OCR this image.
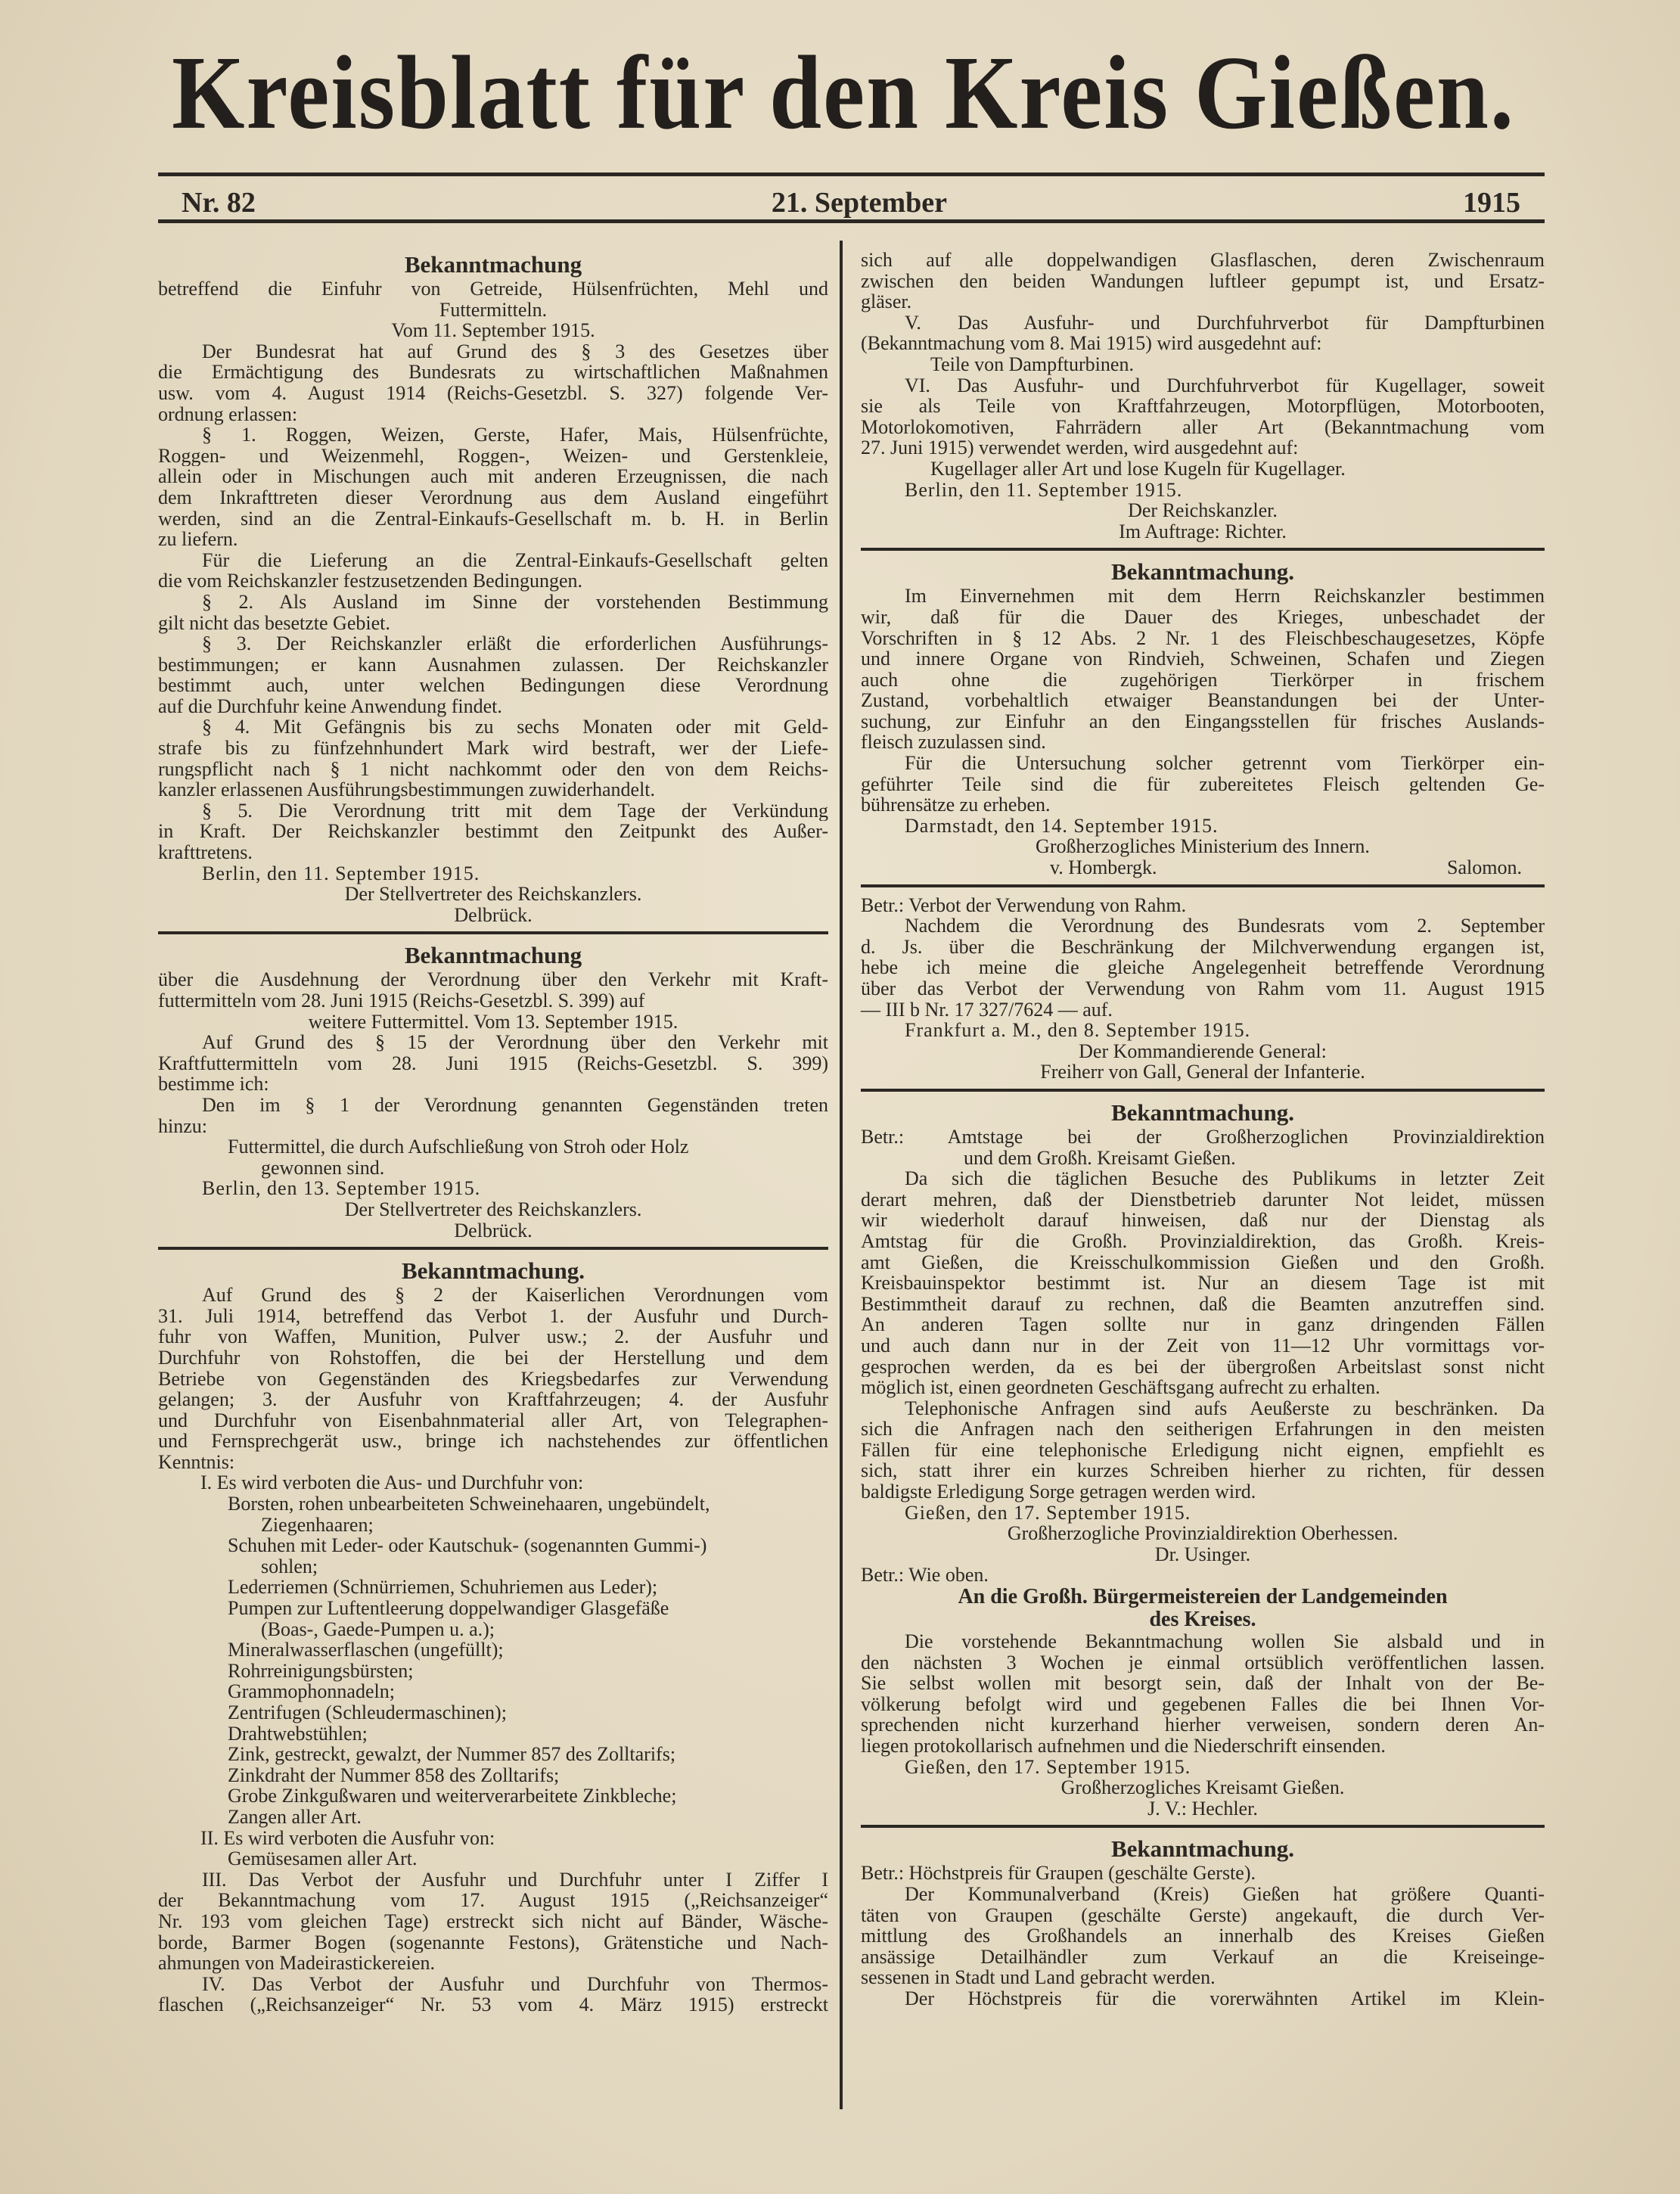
Kreisblatt für den Kreis Gießen.
Nr. 82	21. September	1915
Bekanntmachung
betreffend die Einfuhr von Getreide, Hülsenfrüchten, Mehl und
Futtermitteln.
Vom 11. September 1915.
Der Bundesrat hat auf Grund des § 3 des Gesetzes über
die Ermächtigung des Bundesrats zu wirtschaftlichen Maßnahmen
usw. vom 4. August 1914 (Reichs-Gesetzbl. S. 327) folgende Ver-
ordnung erlassen:
§ 1. Roggen, Weizen, Gerste, Hafer, Mais, Hülsenfrüchte,
Roggen- und Weizenmehl, Roggen-, Weizen- und Gerstenkleie,
allein oder in Mischungen auch mit anderen Erzeugnissen, die nach
dem Inkrafttreten dieser Verordnung aus dem Ausland eingeführt
werden, sind an die Zentral-Einkaufs-Gesellschaft m. b. H. in Berlin
zu liefern.
Für die Lieferung an die Zentral-Einkaufs-Gesellschaft gelten
die vom Reichskanzler festzusetzenden Bedingungen.
§ 2. Als Ausland im Sinne der vorstehenden Bestimmung
gilt nicht das besetzte Gebiet.
§ 3. Der Reichskanzler erläßt die erforderlichen Ausführungs-
bestimmungen; er kann Ausnahmen zulassen. Der Reichskanzler
bestimmt auch, unter welchen Bedingungen diese Verordnung
auf die Durchfuhr keine Anwendung findet.
§ 4. Mit Gefängnis bis zu sechs Monaten oder mit Geld-
strafe bis zu fünfzehnhundert Mark wird bestraft, wer der Liefe-
rungspflicht nach § 1 nicht nachkommt oder den von dem Reichs-
kanzler erlassenen Ausführungsbestimmungen zuwiderhandelt.
§ 5. Die Verordnung tritt mit dem Tage der Verkündung
in Kraft. Der Reichskanzler bestimmt den Zeitpunkt des Außer-
krafttretens.
Berlin, den 11. September 1915.
Der Stellvertreter des Reichskanzlers.
Delbrück.
Bekanntmachung
über die Ausdehnung der Verordnung über den Verkehr mit Kraft-
futtermitteln vom 28. Juni 1915 (Reichs-Gesetzbl. S. 399) auf
weitere Futtermittel. Vom 13. September 1915.
Auf Grund des § 15 der Verordnung über den Verkehr mit
Kraftfuttermitteln vom 28. Juni 1915 (Reichs-Gesetzbl. S. 399)
bestimme ich:
Den im § 1 der Verordnung genannten Gegenständen treten
hinzu:
Futtermittel, die durch Aufschließung von Stroh oder Holz
gewonnen sind.
Berlin, den 13. September 1915.
Der Stellvertreter des Reichskanzlers.
Delbrück.
Bekanntmachung.
Auf Grund des § 2 der Kaiserlichen Verordnungen vom
31. Juli 1914, betreffend das Verbot 1. der Ausfuhr und Durch-
fuhr von Waffen, Munition, Pulver usw.; 2. der Ausfuhr und
Durchfuhr von Rohstoffen, die bei der Herstellung und dem
Betriebe von Gegenständen des Kriegsbedarfes zur Verwendung
gelangen; 3. der Ausfuhr von Kraftfahrzeugen; 4. der Ausfuhr
und Durchfuhr von Eisenbahnmaterial aller Art, von Telegraphen-
und Fernsprechgerät usw., bringe ich nachstehendes zur öffentlichen
Kenntnis:
I. Es wird verboten die Aus- und Durchfuhr von:
Borsten, rohen unbearbeiteten Schweinehaaren, ungebündelt,
Ziegenhaaren;
Schuhen mit Leder- oder Kautschuk- (sogenannten Gummi-)
sohlen;
Lederriemen (Schnürriemen, Schuhriemen aus Leder);
Pumpen zur Luftentleerung doppelwandiger Glasgefäße
(Boas-, Gaede-Pumpen u. a.);
Mineralwasserflaschen (ungefüllt);
Rohrreinigungsbürsten;
Grammophonnadeln;
Zentrifugen (Schleudermaschinen);
Drahtwebstühlen;
Zink, gestreckt, gewalzt, der Nummer 857 des Zolltarifs;
Zinkdraht der Nummer 858 des Zolltarifs;
Grobe Zinkgußwaren und weiterverarbeitete Zinkbleche;
Zangen aller Art.
II. Es wird verboten die Ausfuhr von:
Gemüsesamen aller Art.
III. Das Verbot der Ausfuhr und Durchfuhr unter I Ziffer I
der Bekanntmachung vom 17. August 1915 („Reichsanzeiger“
Nr. 193 vom gleichen Tage) erstreckt sich nicht auf Bänder, Wäsche-
borde, Barmer Bogen (sogenannte Festons), Grätenstiche und Nach-
ahmungen von Madeirastickereien.
IV. Das Verbot der Ausfuhr und Durchfuhr von Thermos-
flaschen („Reichsanzeiger“ Nr. 53 vom 4. März 1915) erstreckt
sich auf alle doppelwandigen Glasflaschen, deren Zwischenraum
zwischen den beiden Wandungen luftleer gepumpt ist, und Ersatz-
gläser.
V. Das Ausfuhr- und Durchfuhrverbot für Dampfturbinen
(Bekanntmachung vom 8. Mai 1915) wird ausgedehnt auf:
Teile von Dampfturbinen.
VI. Das Ausfuhr- und Durchfuhrverbot für Kugellager, soweit
sie als Teile von Kraftfahrzeugen, Motorpflügen, Motorbooten,
Motorlokomotiven, Fahrrädern aller Art (Bekanntmachung vom
27. Juni 1915) verwendet werden, wird ausgedehnt auf:
Kugellager aller Art und lose Kugeln für Kugellager.
Berlin, den 11. September 1915.
Der Reichskanzler.
Im Auftrage: Richter.
Bekanntmachung.
Im Einvernehmen mit dem Herrn Reichskanzler bestimmen
wir, daß für die Dauer des Krieges, unbeschadet der
Vorschriften in § 12 Abs. 2 Nr. 1 des Fleischbeschaugesetzes, Köpfe
und innere Organe von Rindvieh, Schweinen, Schafen und Ziegen
auch ohne die zugehörigen Tierkörper in frischem
Zustand, vorbehaltlich etwaiger Beanstandungen bei der Unter-
suchung, zur Einfuhr an den Eingangsstellen für frisches Auslands-
fleisch zuzulassen sind.
Für die Untersuchung solcher getrennt vom Tierkörper ein-
geführter Teile sind die für zubereitetes Fleisch geltenden Ge-
bührensätze zu erheben.
Darmstadt, den 14. September 1915.
Großherzogliches Ministerium des Innern.
v. Hombergk.	Salomon.
Betr.: Verbot der Verwendung von Rahm.
Nachdem die Verordnung des Bundesrats vom 2. September
d. Js. über die Beschränkung der Milchverwendung ergangen ist,
hebe ich meine die gleiche Angelegenheit betreffende Verordnung
über das Verbot der Verwendung von Rahm vom 11. August 1915
— III b Nr. 17 327/7624 — auf.
Frankfurt a. M., den 8. September 1915.
Der Kommandierende General:
Freiherr von Gall, General der Infanterie.
Bekanntmachung.
Betr.: Amtstage bei der Großherzoglichen Provinzialdirektion
und dem Großh. Kreisamt Gießen.
Da sich die täglichen Besuche des Publikums in letzter Zeit
derart mehren, daß der Dienstbetrieb darunter Not leidet, müssen
wir wiederholt darauf hinweisen, daß nur der Dienstag als
Amtstag für die Großh. Provinzialdirektion, das Großh. Kreis-
amt Gießen, die Kreisschulkommission Gießen und den Großh.
Kreisbauinspektor bestimmt ist. Nur an diesem Tage ist mit
Bestimmtheit darauf zu rechnen, daß die Beamten anzutreffen sind.
An anderen Tagen sollte nur in ganz dringenden Fällen
und auch dann nur in der Zeit von 11—12 Uhr vormittags vor-
gesprochen werden, da es bei der übergroßen Arbeitslast sonst nicht
möglich ist, einen geordneten Geschäftsgang aufrecht zu erhalten.
Telephonische Anfragen sind aufs Aeußerste zu beschränken. Da
sich die Anfragen nach den seitherigen Erfahrungen in den meisten
Fällen für eine telephonische Erledigung nicht eignen, empfiehlt es
sich, statt ihrer ein kurzes Schreiben hierher zu richten, für dessen
baldigste Erledigung Sorge getragen werden wird.
Gießen, den 17. September 1915.
Großherzogliche Provinzialdirektion Oberhessen.
Dr. Usinger.
Betr.: Wie oben.
An die Großh. Bürgermeistereien der Landgemeinden
des Kreises.
Die vorstehende Bekanntmachung wollen Sie alsbald und in
den nächsten 3 Wochen je einmal ortsüblich veröffentlichen lassen.
Sie selbst wollen mit besorgt sein, daß der Inhalt von der Be-
völkerung befolgt wird und gegebenen Falles die bei Ihnen Vor-
sprechenden nicht kurzerhand hierher verweisen, sondern deren An-
liegen protokollarisch aufnehmen und die Niederschrift einsenden.
Gießen, den 17. September 1915.
Großherzogliches Kreisamt Gießen.
J. V.: Hechler.
Bekanntmachung.
Betr.: Höchstpreis für Graupen (geschälte Gerste).
Der Kommunalverband (Kreis) Gießen hat größere Quanti-
täten von Graupen (geschälte Gerste) angekauft, die durch Ver-
mittlung des Großhandels an innerhalb des Kreises Gießen
ansässige Detailhändler zum Verkauf an die Kreiseinge-
sessenen in Stadt und Land gebracht werden.
Der Höchstpreis für die vorerwähnten Artikel im Klein-
